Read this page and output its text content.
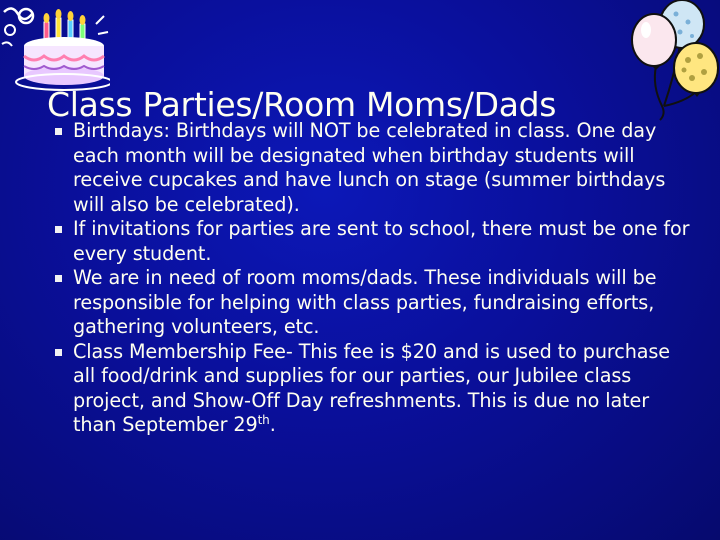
Class Parties/Room Moms/Dads
Birthdays: Birthdays will NOT be celebrated in class. One day each month will be designated when birthday students will receive cupcakes and have lunch on stage (summer birthdays will also be celebrated).
If invitations for parties are sent to school, there must be one for every student.
We are in need of room moms/dads. These individuals will be responsible for helping with class parties, fundraising efforts, gathering volunteers, etc.
Class Membership Fee- This fee is $20 and is used to purchase all food/drink and supplies for our parties, our Jubilee class project, and Show-Off Day refreshments. This is due no later than September 29th.
